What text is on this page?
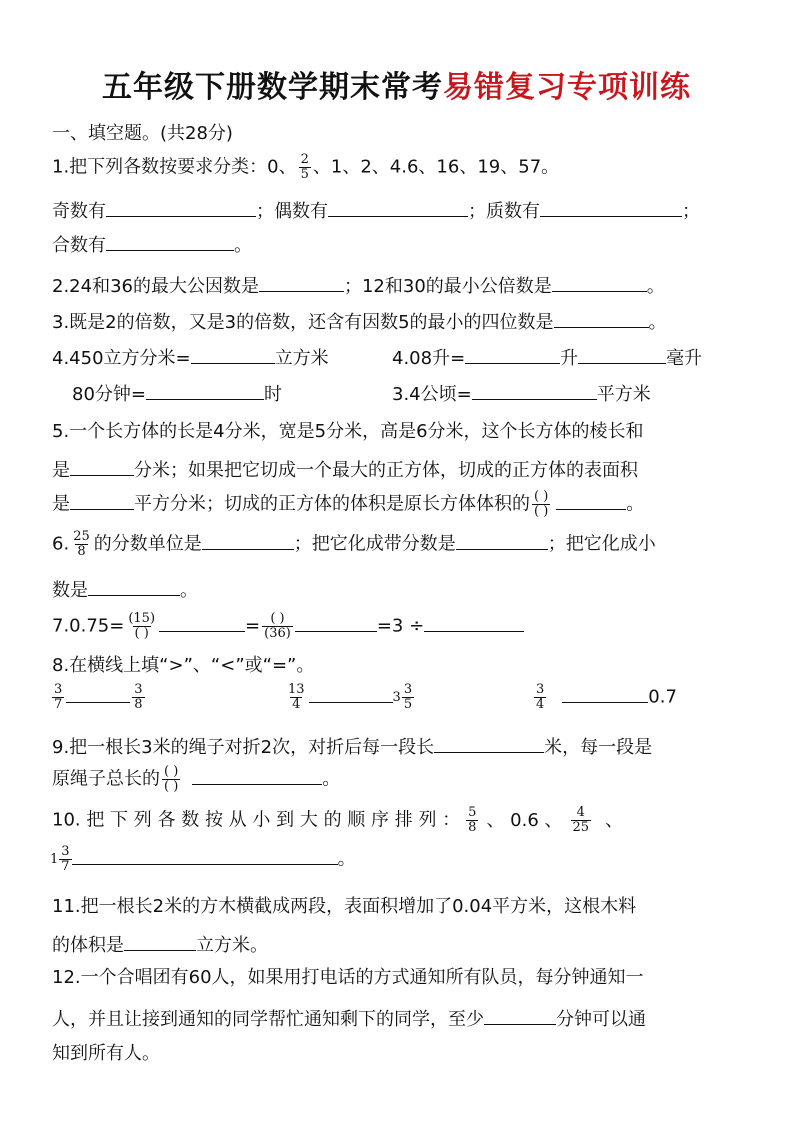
五年级下册数学期末常考易错复习专项训练
一、填空题。(共28分)
1.把下列各数按要求分类：0、 $\frac{2}{5}$ 、1、2、4.6、16、19、57。
奇数有	；偶数有	；质数有	；
合数有	。
2.24和36的最大公因数是	；12和30的最小公倍数是	。
3.既是2的倍数，又是3的倍数，还含有因数5的最小的四位数是	。
4.450立方分米=	立方米	4.08升=	升	毫升
80分钟=	时	3.4公顷=	平方米
5.一个长方体的长是4分米，宽是5分米，高是6分米，这个长方体的棱长和
是	分米；如果把它切成一个最大的正方体，切成的正方体的表面积
是	平方分米；切成的正方体的体积是原长方体体积的 $\frac{( )}{( )}$	。
6. $\frac{25}{8}$ 的分数单位是	；把它化成带分数是	；把它化成小
数是	。
$7.0.75= \frac{(15)}{( )}$	= $\frac{( )}{(36)}$	=3 ÷
8.在横线上填“>”、“<”或“=”。
$\frac{3}{7}$	$\frac{3}{8}$	$\frac{13}{4}$	$3 \frac{3}{5}$	$\frac{3}{4}$	0.7
9.把一根长3米的绳子对折2次，对折后每一段长	米，每一段是
原绳子总长的 $\frac{( )}{( )}$	。
10. 把 下 列 各 数 按 从 小 到 大 的 顺 序 排 列 ： $\frac{5}{8}$ 、 0.6 、 $\frac{4}{25}$ 、
$1 \frac{3}{7}$	。
11.把一根长2米的方木横截成两段，表面积增加了0.04平方米，这根木料
的体积是	立方米。
12.一个合唱团有60人，如果用打电话的方式通知所有队员，每分钟通知一
人，并且让接到通知的同学帮忙通知剩下的同学，至少	分钟可以通
知到所有人。
